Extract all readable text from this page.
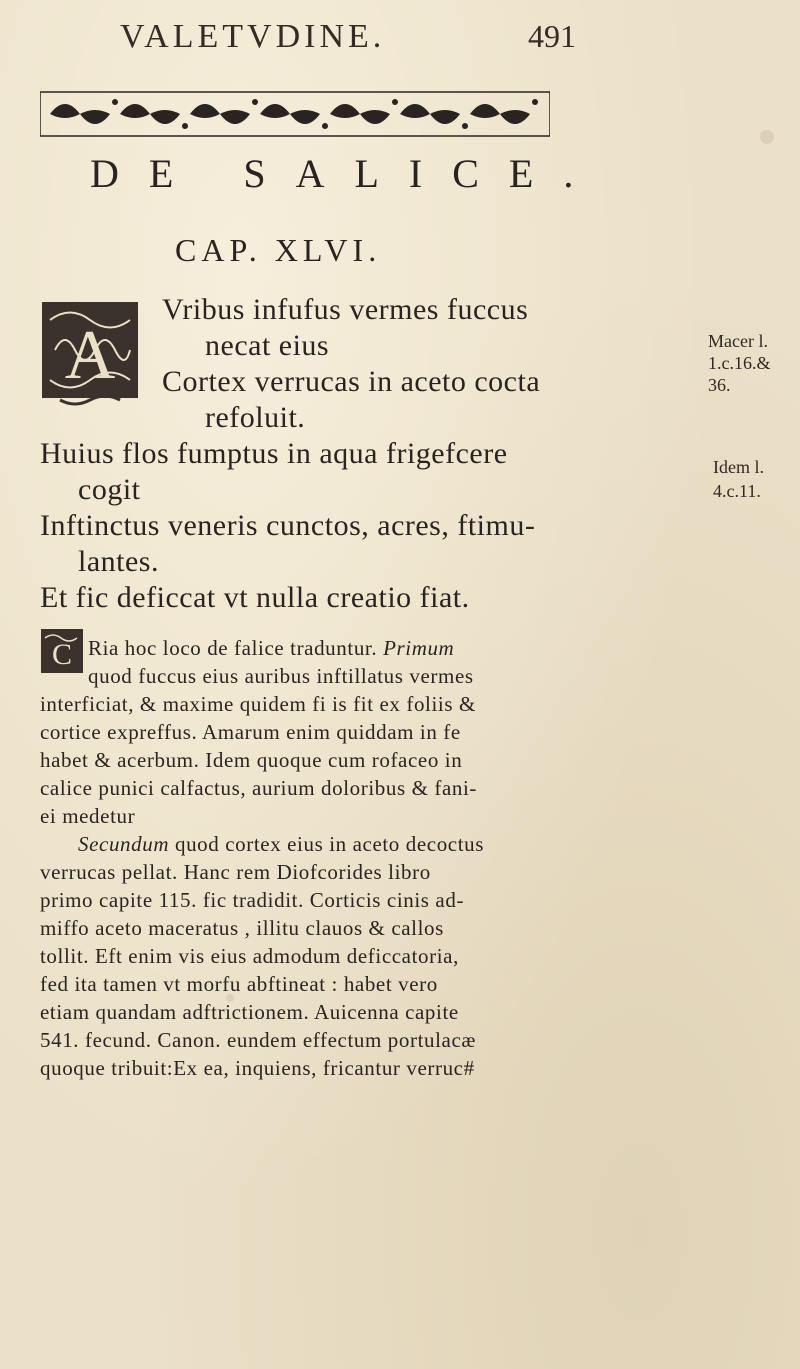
VALETVDINE.	491
DE SALICE.
CAP. XLVI.
A
Vribus infufus vermes fuccus
necat eius
Cortex verrucas in aceto cocta
refoluit.
Huius flos fumptus in aqua frigefcere
cogit
Inftinctus veneris cunctos, acres, ftimu-
lantes.
Et fic deficcat vt nulla creatio fiat.
Macer l.
1.c.16.&
36.
Idem l.
4.c.11.
C Ria hoc loco de falice traduntur. Primum
quod fuccus eius auribus inftillatus vermes
interficiat, & maxime quidem fi is fit ex foliis &
cortice expreffus. Amarum enim quiddam in fe
habet & acerbum. Idem quoque cum rofaceo in
calice punici calfactus, aurium doloribus & fani-
ei medetur
Secundum quod cortex eius in aceto decoctus
verrucas pellat. Hanc rem Diofcorides libro
primo capite 115. fic tradidit. Corticis cinis ad-
miffo aceto maceratus , illitu clauos & callos
tollit. Eft enim vis eius admodum deficcatoria,
fed ita tamen vt morfu abftineat : habet vero
etiam quandam adftrictionem. Auicenna capite
541. fecund. Canon. eundem effectum portulacæ
quoque tribuit:Ex ea, inquiens, fricantur verruc#
